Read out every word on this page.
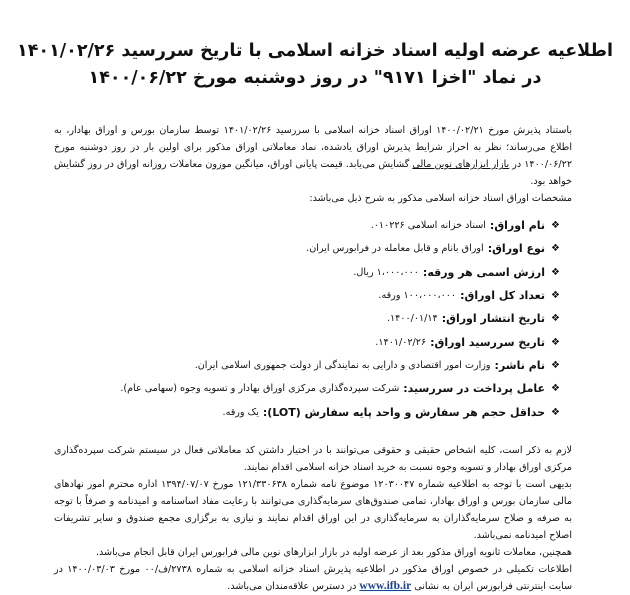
اطلاعیه عرضه اولیه اسناد خزانه اسلامی با تاریخ سررسید ۱۴۰۱/۰۲/۲۶
در نماد "اخزا ۹۱۷۱" در روز دوشنبه مورخ ۱۴۰۰/۰۶/۲۲

باستناد پذیرش مورخ ۱۴۰۰/۰۲/۲۱ اوراق اسناد خزانه اسلامی با سررسید ۱۴۰۱/۰۲/۲۶ توسط سازمان بورس و اوراق بهادار، به اطلاع می‌رساند؛ نظر به احراز شرایط پذیرش اوراق یادشده، نماد معاملاتی اوراق مذکور برای اولین بار در روز دوشنبه مورخ ۱۴۰۰/۰۶/۲۲ در بازار ابزارهای نوین مالی گشایش می‌یابد. قیمت پایانی اوراق، میانگین موزون معاملات روزانه اوراق در روز گشایش خواهد بود.

مشخصات اوراق اسناد خزانه اسلامی مذکور به شرح ذیل می‌باشد:

❖
نام اوراق:
اسناد خزانه اسلامی ۰۱۰۲۲۶.
❖
نوع اوراق:
اوراق بانام و قابل معامله در فرابورس ایران.
❖
ارزش اسمی هر ورقه:
۱،۰۰۰،۰۰۰ ریال.
❖
تعداد کل اوراق:
۱۰۰،۰۰۰،۰۰۰ ورقه.
❖
تاریخ انتشار اوراق:
۱۴۰۰/۰۱/۱۴.
❖
تاریخ سررسید اوراق:
۱۴۰۱/۰۲/۲۶.
❖
نام ناشر:
وزارت امور اقتصادی و دارایی به نمایندگی از دولت جمهوری اسلامی ایران.
❖
عامل پرداخت در سررسید:
شرکت سپرده‌گذاری مرکزی اوراق بهادار و تسویه وجوه (سهامی عام).
❖
حداقل حجم هر سفارش و واحد پایه سفارش (LOT):
یک ورقه.

لازم به ذکر است، کلیه اشخاص حقیقی و حقوقی می‌توانند با در اختیار داشتن کد معاملاتی فعال در سیستم شرکت سپرده‌گذاری مرکزی اوراق بهادار و تسویه وجوه نسبت به خرید اسناد خزانه اسلامی اقدام نمایند.

بدیهی است با توجه به اطلاعیه شماره ۱۲۰۳۰۰۴۷ موضوع نامه شماره ۱۲۱/۳۳۰۶۳۸ مورخ ۱۳۹۴/۰۷/۰۷ اداره محترم امور نهادهای مالی سازمان بورس و اوراق بهادار، تمامی صندوق‌های سرمایه‌گذاری می‌توانند با رعایت مفاد اساسنامه و امیدنامه و صرفاً با توجه به صرفه و صلاح سرمایه‌گذاران به سرمایه‌گذاری در این اوراق اقدام نمایند و نیازی به برگزاری مجمع صندوق و سایر تشریفات اصلاح امیدنامه نمی‌باشد.

همچنین، معاملات ثانویه اوراق مذکور بعد از عرضه اولیه در بازار ابزارهای نوین مالی فرابورس ایران قابل انجام می‌باشد.

اطلاعات تکمیلی در خصوص اوراق مذکور در اطلاعیه پذیرش اسناد خزانه اسلامی به شماره ۲۷۳۸/ف/۰۰ مورخ ۱۴۰۰/۰۳/۰۳ در سایت اینترنتی فرابورس ایران به نشانی www.ifb.ir در دسترس علاقه‌مندان می‌باشد.
